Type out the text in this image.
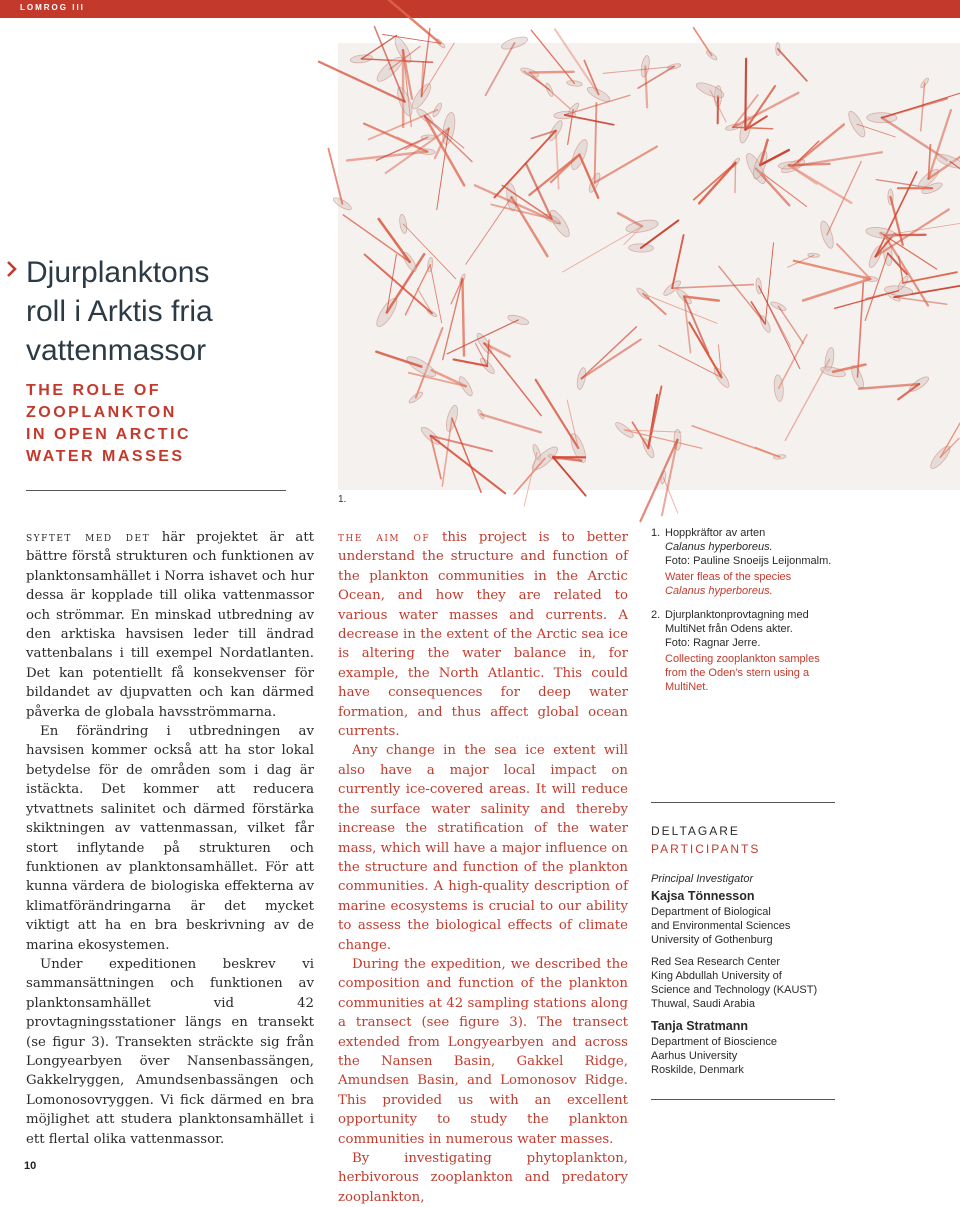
LOMROG III
1.
Djurplanktons
roll i Arktis fria
vattenmassor
THE ROLE OF
ZOOPLANKTON
IN OPEN ARCTIC
WATER MASSES

syftet med det här projektet är att bättre förstå strukturen och funktionen av planktonsamhället i Norra ishavet och hur dessa är kopplade till olika vattenmassor och strömmar. En minskad utbredning av den arktiska havsisen leder till ändrad vattenbalans i till exempel Nordatlanten. Det kan potentiellt få konsekvenser för bildandet av djupvatten och kan därmed påverka de globala havsströmmarna.

En förändring i utbredningen av havsisen kommer också att ha stor lokal betydelse för de områden som i dag är istäckta. Det kommer att reducera ytvattnets salinitet och därmed förstärka skiktningen av vattenmassan, vilket får stort inflytande på strukturen och funktionen av planktonsamhället. För att kunna värdera de biologiska effekterna av klimatförändringarna är det mycket viktigt att ha en bra beskrivning av de marina ekosystemen.

Under expeditionen beskrev vi sammansättningen och funktionen av planktonsamhället vid 42 provtagningsstationer längs en transekt (se figur 3). Transekten sträckte sig från Longyearbyen över Nansenbassängen, Gakkelryggen, Amundsenbassängen och Lomonosovryggen. Vi fick därmed en bra möjlighet att studera planktonsamhället i ett flertal olika vattenmassor.

the aim of this project is to better understand the structure and function of the plankton communities in the Arctic Ocean, and how they are related to various water masses and currents. A decrease in the extent of the Arctic sea ice is altering the water balance in, for example, the North Atlantic. This could have consequences for deep water formation, and thus affect global ocean currents.

Any change in the sea ice extent will also have a major local impact on currently ice-covered areas. It will reduce the surface water salinity and thereby increase the stratification of the water mass, which will have a major influence on the structure and function of the plankton communities. A high-quality description of marine ecosystems is crucial to our ability to assess the biological effects of climate change.

During the expedition, we described the composition and function of the plankton communities at 42 sampling stations along a transect (see figure 3). The transect extended from Longyearbyen and across the Nansen Basin, Gakkel Ridge, Amundsen Basin, and Lomonosov Ridge. This provided us with an excellent opportunity to study the plankton communities in numerous water masses.

By investigating phytoplankton, herbivorous zooplankton and predatory zooplankton,

1. Hoppkräftor av arten
Calanus hyperboreus.
Foto: Pauline Snoeijs Leijonmalm.
Water fleas of the species
Calanus hyperboreus.
2. Djurplanktonprovtagning med MultiNet från Odens akter.
Foto: Ragnar Jerre.
Collecting zooplankton samples from the Oden’s stern using a MultiNet.
DELTAGARE
PARTICIPANTS
Principal Investigator
Kajsa Tönnesson
Department of Biological
and Environmental Sciences
University of Gothenburg
Red Sea Research Center
King Abdullah University of
Science and Technology (KAUST)
Thuwal, Saudi Arabia
Tanja Stratmann
Department of Bioscience
Aarhus University
Roskilde, Denmark
10
